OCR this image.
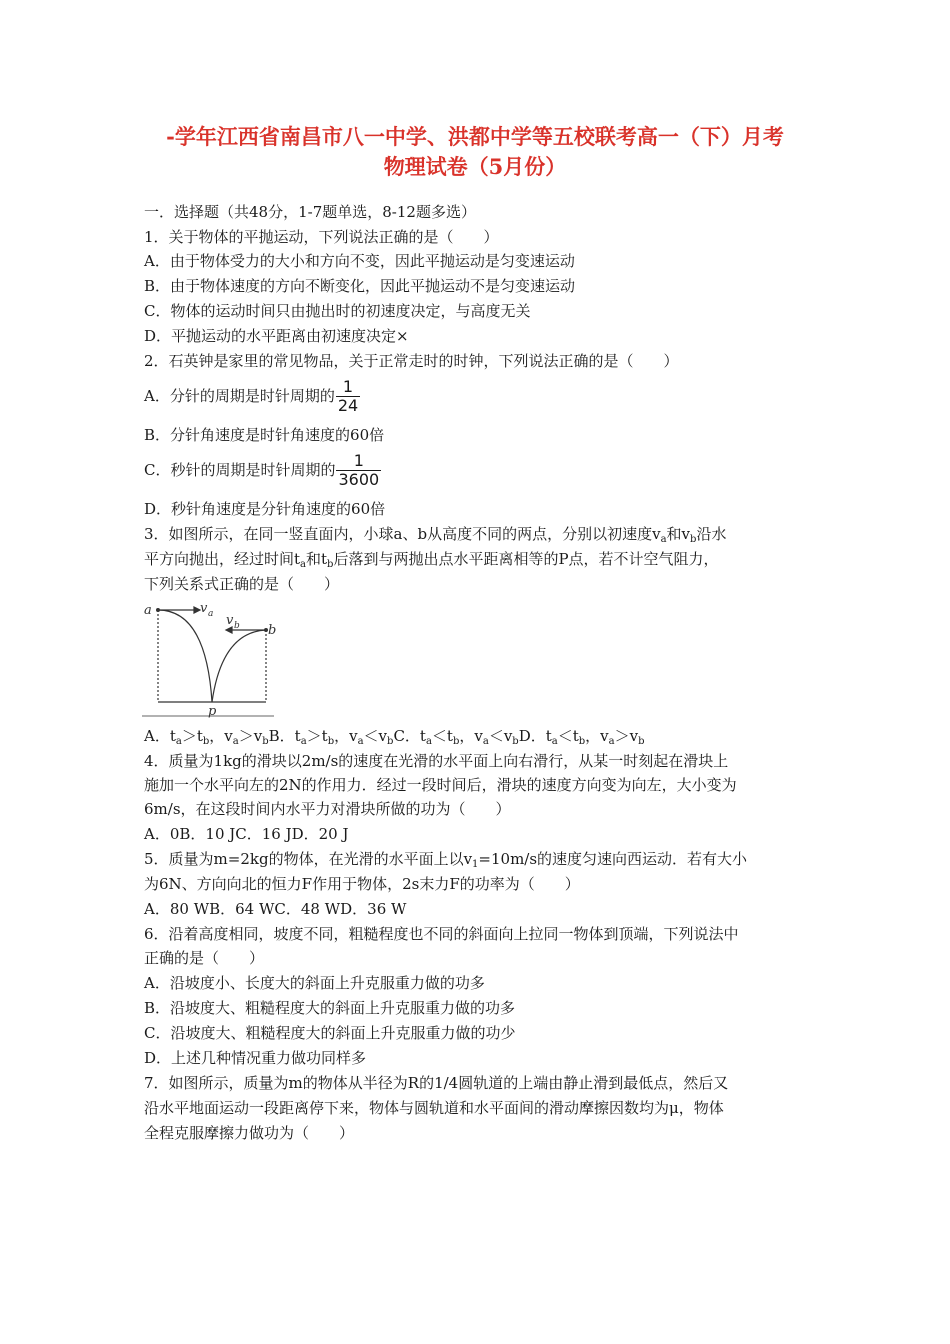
-学年江西省南昌市八一中学、洪都中学等五校联考高一（下）月考
物理试卷（5月份）
一．选择题（共48分，1-7题单选，8-12题多选）
1．关于物体的平抛运动，下列说法正确的是（　　）
A．由于物体受力的大小和方向不变，因此平抛运动是匀变速运动
B．由于物体速度的方向不断变化，因此平抛运动不是匀变速运动
C．物体的运动时间只由抛出时的初速度决定，与高度无关
D．平抛运动的水平距离由初速度决定×
2．石英钟是家里的常见物品，关于正常走时的时钟，下列说法正确的是（　　）
A．分针的周期是时针周期的 $\frac{1}{24}$
B．分针角速度是时针角速度的60倍
C．秒针的周期是时针周期的 $\frac{1}{3600}$
D．秒针角速度是分针角速度的60倍
3．如图所示，在同一竖直面内，小球a、b从高度不同的两点，分别以初速度$v_a$和$v_b$沿水
平方向抛出，经过时间$t_a$和$t_b$后落到与两抛出点水平距离相等的P点，若不计空气阻力，
下列关系式正确的是（　　）
a	v a v b b
p
A．$t_a>t_b$，$v_a>v_bB$．$t_a>t_b$，$v_a<v_bC$．$t_a<t_b$，$v_a<v_bD$．$t_a<t_b$，$v_a>v_b$
4．质量为1kg的滑块以2m/s的速度在光滑的水平面上向右滑行，从某一时刻起在滑块上
施加一个水平向左的2N的作用力．经过一段时间后，滑块的速度方向变为向左，大小变为
6m/s，在这段时间内水平力对滑块所做的功为（　　）
A．0B．10 JC．16 JD．20 J
5．质量为m=2kg的物体，在光滑的水平面上以$v_1=10m/s$的速度匀速向西运动．若有大小
为6N、方向向北的恒力F作用于物体，2s末力F的功率为（　　）
A．80 WB．64 WC．48 WD．36 W
6．沿着高度相同，坡度不同，粗糙程度也不同的斜面向上拉同一物体到顶端，下列说法中
正确的是（　　）
A．沿坡度小、长度大的斜面上升克服重力做的功多
B．沿坡度大、粗糙程度大的斜面上升克服重力做的功多
C．沿坡度大、粗糙程度大的斜面上升克服重力做的功少
D．上述几种情况重力做功同样多
7．如图所示，质量为m的物体从半径为R的1/4圆轨道的上端由静止滑到最低点，然后又
沿水平地面运动一段距离停下来，物体与圆轨道和水平面间的滑动摩擦因数均为μ，物体
全程克服摩擦力做功为（　　）
